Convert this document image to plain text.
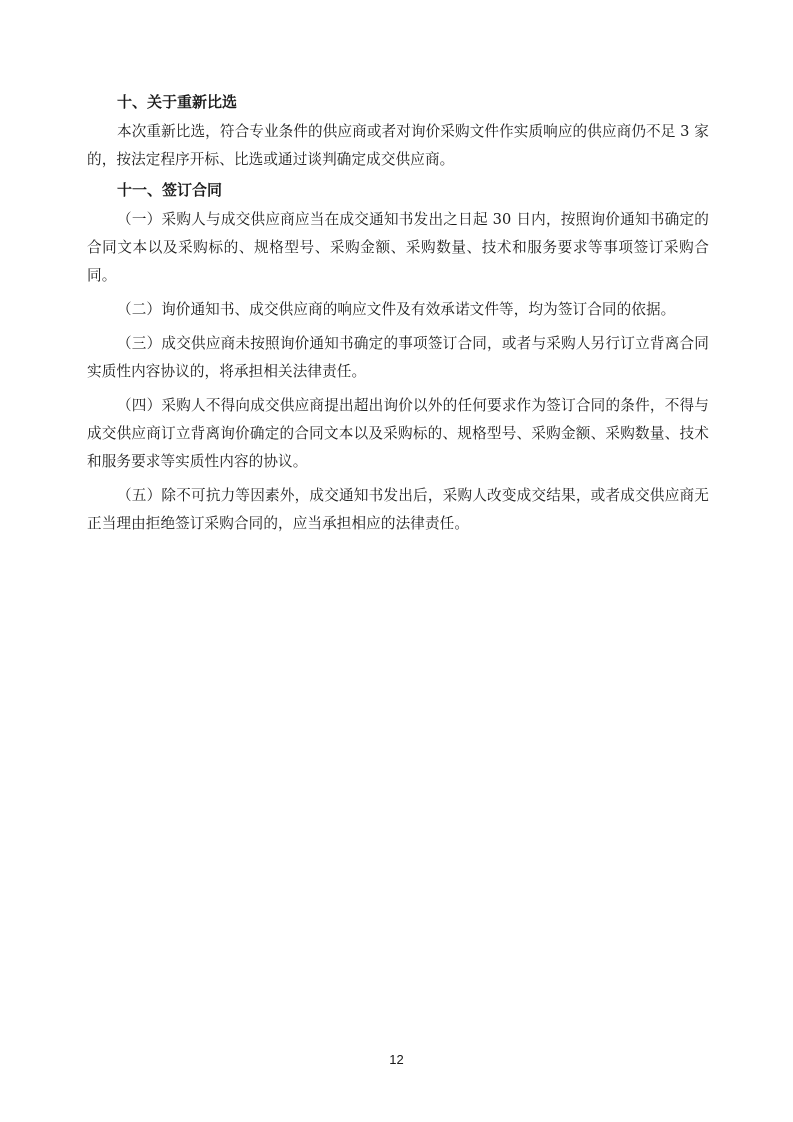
十、关于重新比选

本次重新比选，符合专业条件的供应商或者对询价采购文件作实质响应的供应商仍不足 3 家的，按法定程序开标、比选或通过谈判确定成交供应商。

十一、签订合同

（一）采购人与成交供应商应当在成交通知书发出之日起 30 日内，按照询价通知书确定的合同文本以及采购标的、规格型号、采购金额、采购数量、技术和服务要求等事项签订采购合同。

（二）询价通知书、成交供应商的响应文件及有效承诺文件等，均为签订合同的依据。

（三）成交供应商未按照询价通知书确定的事项签订合同，或者与采购人另行订立背离合同实质性内容协议的，将承担相关法律责任。

（四）采购人不得向成交供应商提出超出询价以外的任何要求作为签订合同的条件，不得与成交供应商订立背离询价确定的合同文本以及采购标的、规格型号、采购金额、采购数量、技术和服务要求等实质性内容的协议。

（五）除不可抗力等因素外，成交通知书发出后，采购人改变成交结果，或者成交供应商无正当理由拒绝签订采购合同的，应当承担相应的法律责任。

12
